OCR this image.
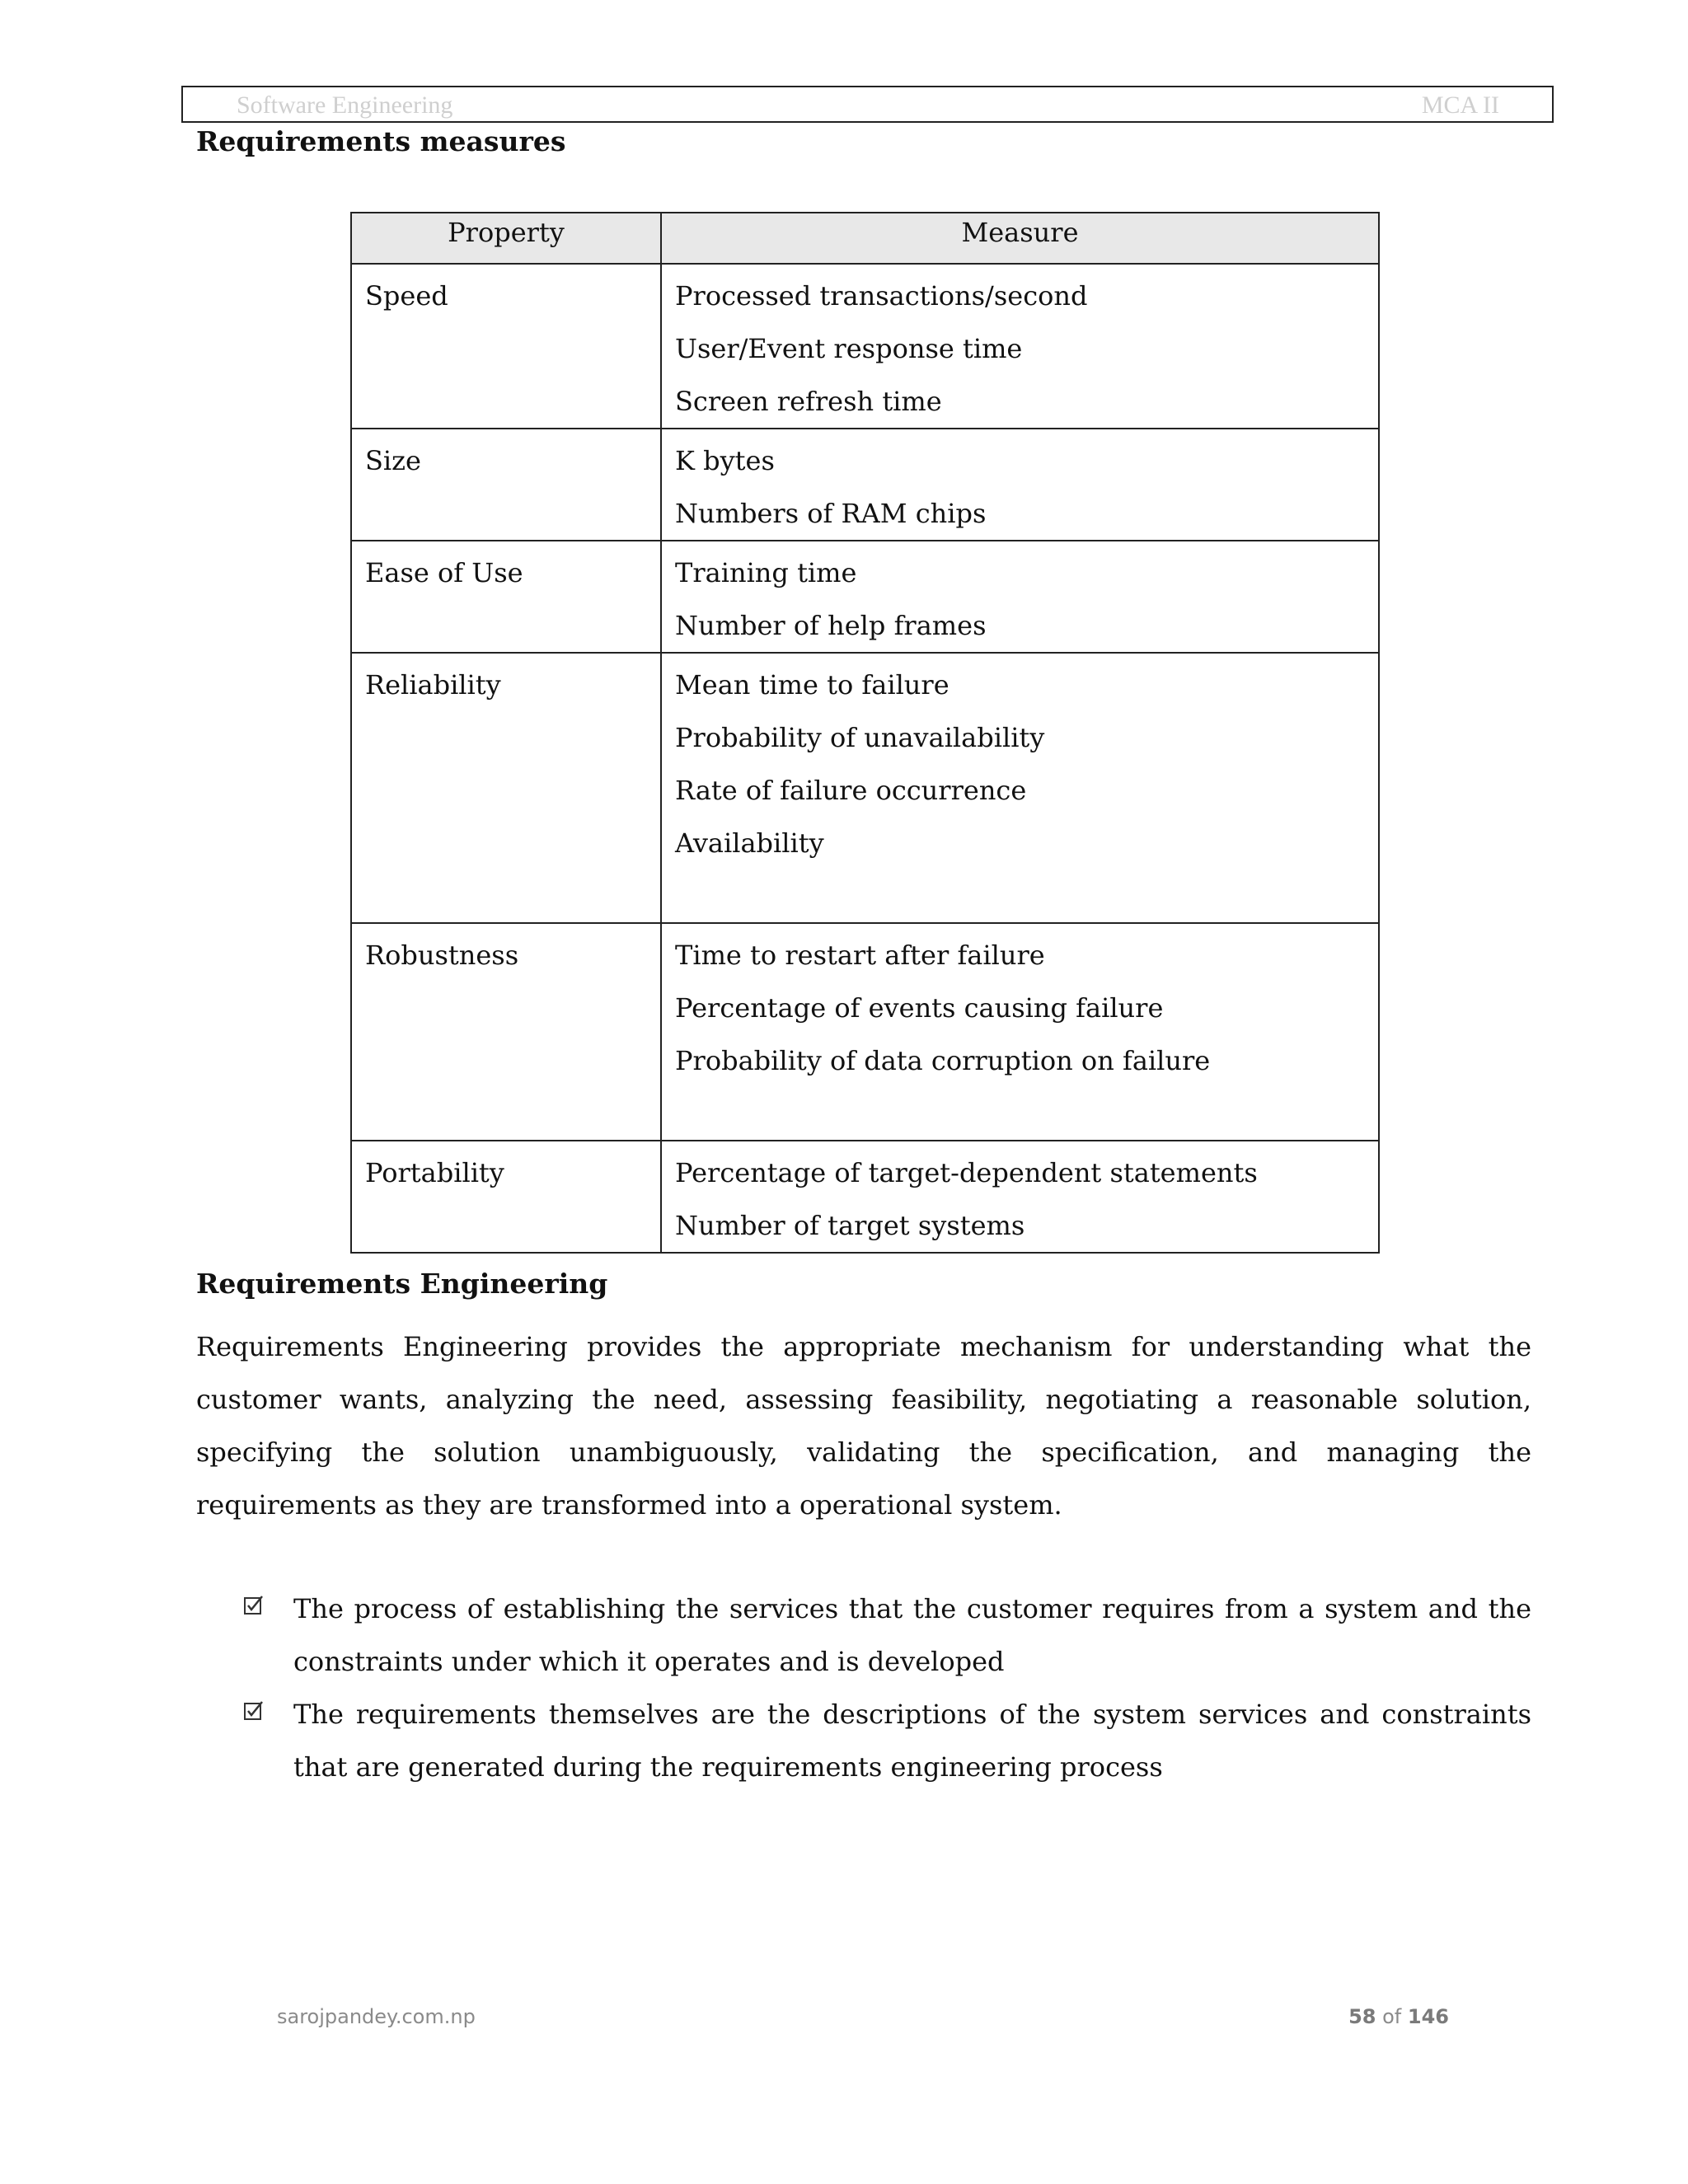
Software Engineering	MCA II
Requirements measures
Property	Measure

Speed	Processed transactions/second
User/Event response time
Screen refresh time

Size	K bytes
Numbers of RAM chips

Ease of Use	Training time
Number of help frames

Reliability	Mean time to failure
Probability of unavailability
Rate of failure occurrence
Availability

Robustness	Time to restart after failure
Percentage of events causing failure
Probability of data corruption on failure

Portability	Percentage of target-dependent statements
Number of target systems
Requirements Engineering

Requirements Engineering provides the appropriate mechanism for understanding what the customer wants, analyzing the need, assessing feasibility, negotiating a reasonable solution, specifying the solution unambiguously, validating the specification, and managing the requirements as they are transformed into a operational system.

The process of establishing the services that the customer requires from a system and the constraints under which it operates and is developed
The requirements themselves are the descriptions of the system services and constraints that are generated during the requirements engineering process
sarojpandey.com.np	58 of 146
